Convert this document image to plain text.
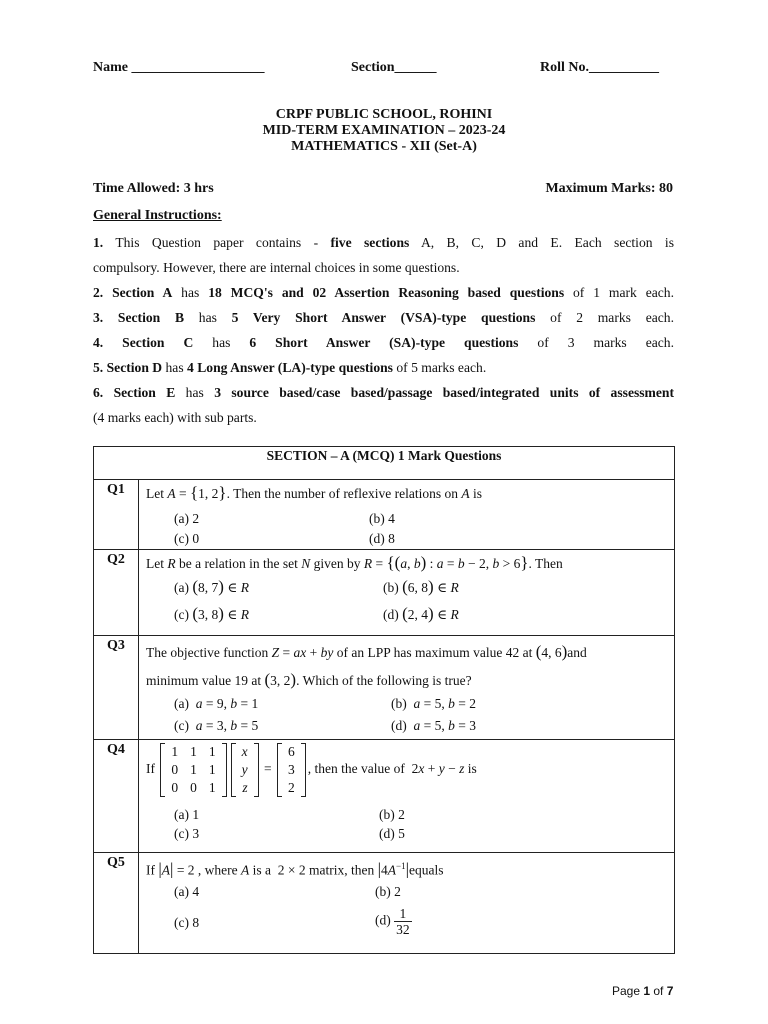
Name ___________________	Section______	Roll No.__________
CRPF PUBLIC SCHOOL, ROHINI
MID-TERM EXAMINATION – 2023-24
MATHEMATICS - XII (Set-A)
Time Allowed: 3 hrs	Maximum Marks: 80
General Instructions:

1. This Question paper contains - five sections A, B, C, D and E. Each section is

compulsory. However, there are internal choices in some questions.

2. Section A has 18 MCQ's and 02 Assertion Reasoning based questions of 1 mark each.

3. Section B has 5 Very Short Answer (VSA)-type questions of 2 marks each.

4. Section C has 6 Short Answer (SA)-type questions of 3 marks each.

5. Section D has 4 Long Answer (LA)-type questions of 5 marks each.

6. Section E has 3 source based/case based/passage based/integrated units of assessment

(4 marks each) with sub parts.

SECTION – A (MCQ) 1 Mark Questions

Q1	Let A = {1, 2}. Then the number of reflexive relations on A is
(a) 2	(b) 4
(c) 0	(d) 8

Q2	Let R be a relation in the set N given by R = {(a, b) : a = b − 2, b > 6}. Then
(a) (8, 7) ∈ R	(b) (6, 8) ∈ R
(c) (3, 8) ∈ R	(d) (2, 4) ∈ R

Q3	The objective function Z = ax + by of an LPP has maximum value 42 at (4, 6)and
minimum value 19 at (3, 2). Which of the following is true?
(a)  a = 9, b = 1	(b)  a = 5, b = 2
(c)  a = 3, b = 5	(d)  a = 5, b = 3

Q4

If
1	1	1
0	1	1
0	0	1
x
y
z
=
6
3
2
, then the value of  2x + y − z is
(a) 1	(b) 2
(c) 3	(d) 5

Q5	If |A| = 2 , where A is a  2 × 2 matrix, then $|4A^{-1}|equals$
(a) 4	(b) 2
(c) 8	$(d) \frac{1}{32}$
Page 1 of 7
